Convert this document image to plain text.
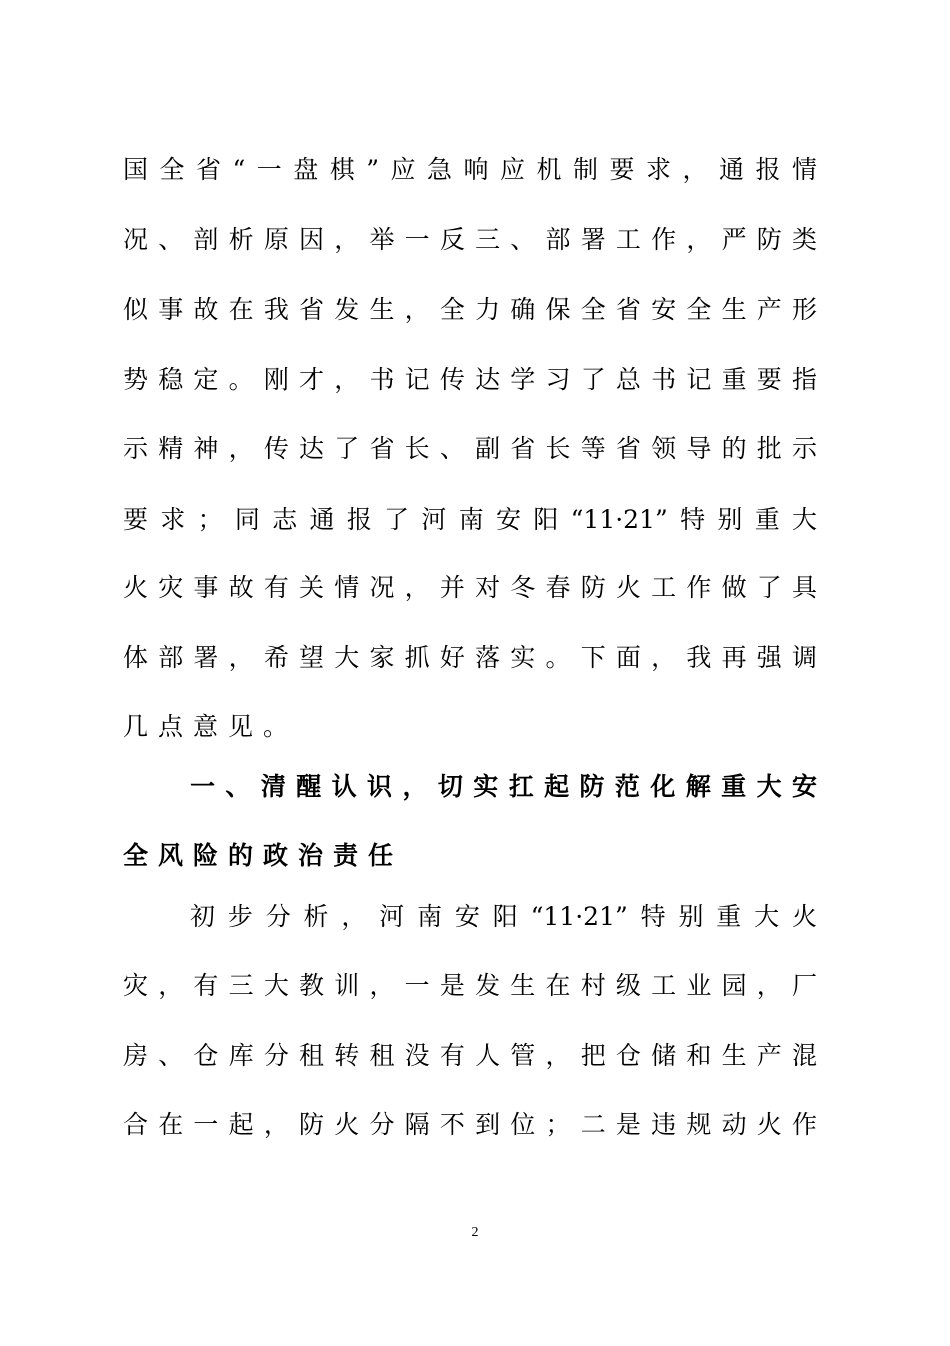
国全省“一盘棋”应急响应机制要求，通报情
况、剖析原因，举一反三、部署工作，严防类
似事故在我省发生，全力确保全省安全生产形
势稳定。刚才，书记传达学习了总书记重要指
示精神，传达了省长、副省长等省领导的批示
要求；同志通报了河南安阳“11·21”特别重大
火灾事故有关情况，并对冬春防火工作做了具
体部署，希望大家抓好落实。下面，我再强调
几点意见。
一、清醒认识，切实扛起防范化解重大安
全风险的政治责任
初步分析，河南安阳“11·21”特别重大火
灾，有三大教训，一是发生在村级工业园，厂
房、仓库分租转租没有人管，把仓储和生产混
合在一起，防火分隔不到位；二是违规动火作
2
